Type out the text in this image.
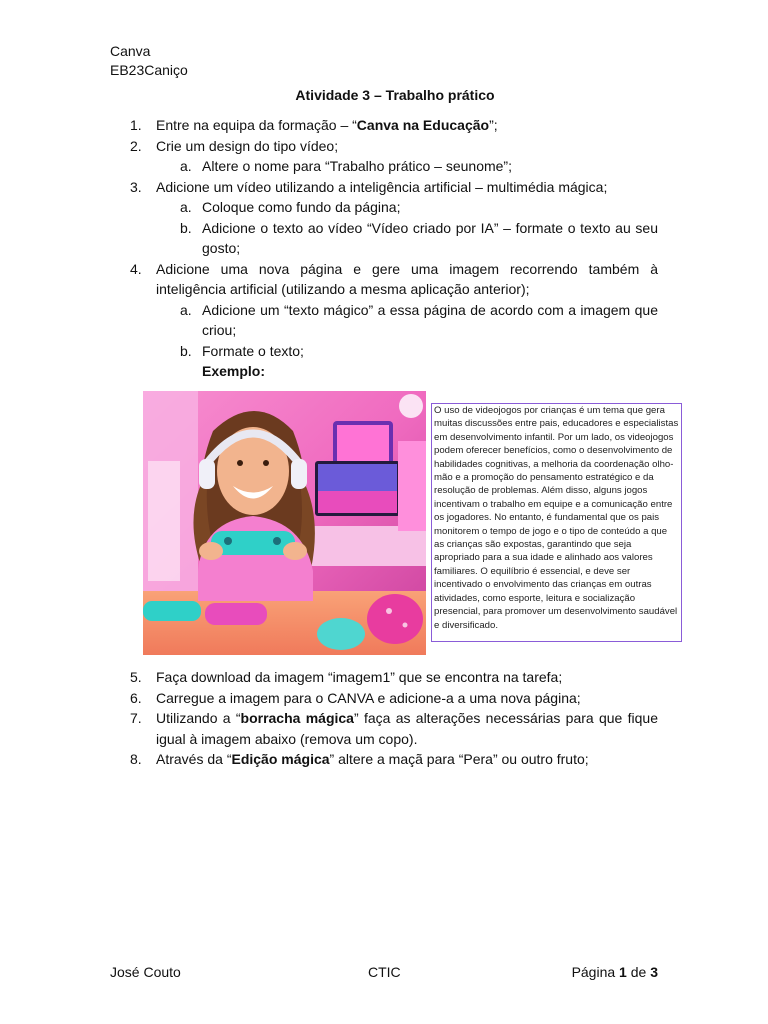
Canva
EB23Caniço
Atividade 3 – Trabalho prático
1. Entre na equipa da formação – “Canva na Educação”;
2. Crie um design do tipo vídeo;
a. Altere o nome para “Trabalho prático – seunome”;
3. Adicione um vídeo utilizando a inteligência artificial – multimédia mágica;
a. Coloque como fundo da página;
b. Adicione o texto ao vídeo “Vídeo criado por IA” – formate o texto au seu gosto;
4. Adicione uma nova página e gere uma imagem recorrendo também à inteligência artificial (utilizando a mesma aplicação anterior);
a. Adicione um “texto mágico” a essa página de acordo com a imagem que criou;
b. Formate o texto;
Exemplo:
O uso de videojogos por crianças é um tema que gera muitas discussões entre pais, educadores e especialistas em desenvolvimento infantil. Por um lado, os videojogos podem oferecer benefícios, como o desenvolvimento de habilidades cognitivas, a melhoria da coordenação olho-mão e a promoção do pensamento estratégico e da resolução de problemas. Além disso, alguns jogos incentivam o trabalho em equipe e a comunicação entre os jogadores. No entanto, é fundamental que os pais monitorem o tempo de jogo e o tipo de conteúdo a que as crianças são expostas, garantindo que seja apropriado para a sua idade e alinhado aos valores familiares. O equilíbrio é essencial, e deve ser incentivado o envolvimento das crianças em outras atividades, como esporte, leitura e socialização presencial, para promover um desenvolvimento saudável e diversificado.
5. Faça download da imagem “imagem1” que se encontra na tarefa;
6. Carregue a imagem para o CANVA e adicione-a a uma nova página;
7. Utilizando a “borracha mágica” faça as alterações necessárias para que fique igual à imagem abaixo (remova um copo).
8. Através da “Edição mágica” altere a maçã para “Pera” ou outro fruto;
José Couto	CTIC	Página 1 de 3
